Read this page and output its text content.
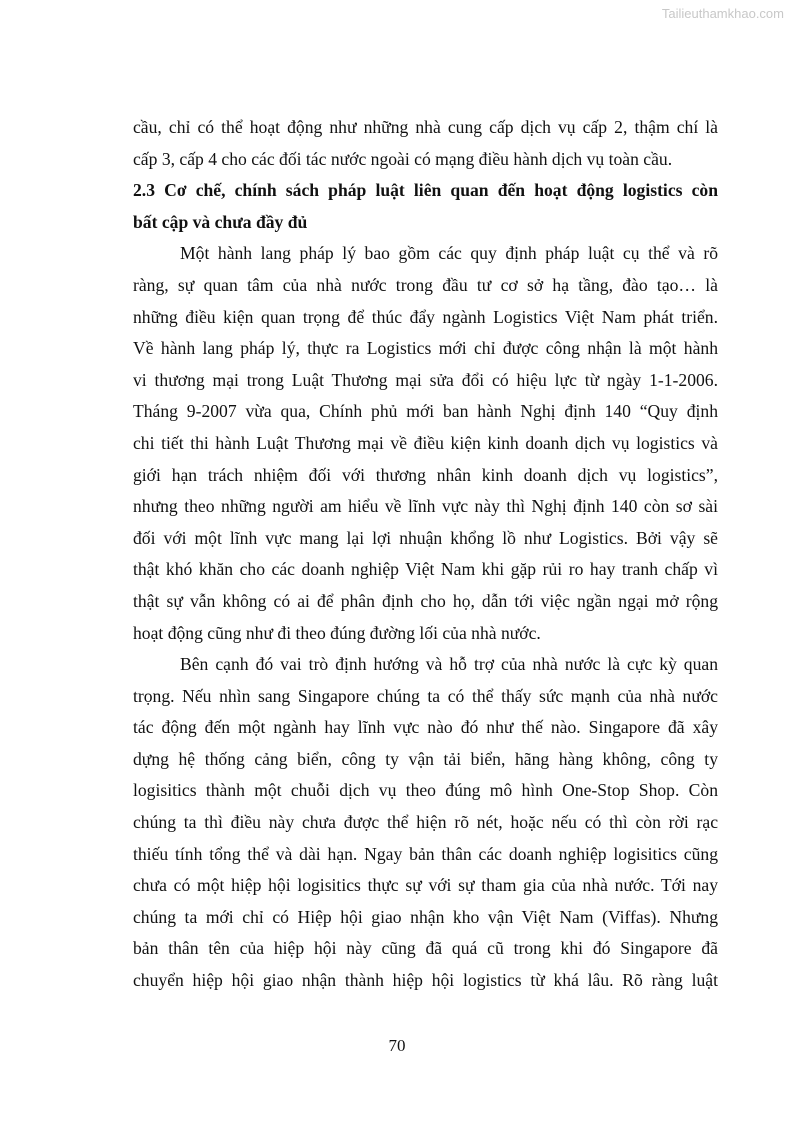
Tailieuthamkhao.com
cầu, chỉ có thể hoạt động như những nhà cung cấp dịch vụ cấp 2, thậm chí là
cấp 3, cấp 4 cho các đối tác nước ngoài có mạng điều hành dịch vụ toàn cầu.
2.3 Cơ chế, chính sách pháp luật liên quan đến hoạt động logistics còn
bất cập và chưa đầy đủ
Một hành lang pháp lý bao gồm các quy định pháp luật cụ thể và rõ
ràng, sự quan tâm của nhà nước trong đầu tư cơ sở hạ tầng, đào tạo… là
những điều kiện quan trọng để thúc đẩy ngành Logistics Việt Nam phát triển.
Về hành lang pháp lý, thực ra Logistics mới chỉ được công nhận là một hành
vi thương mại trong Luật Thương mại sửa đổi có hiệu lực từ ngày 1-1-2006.
Tháng 9-2007 vừa qua, Chính phủ mới ban hành Nghị định 140 “Quy định
chi tiết thi hành Luật Thương mại về điều kiện kinh doanh dịch vụ logistics và
giới hạn trách nhiệm đối với thương nhân kinh doanh dịch vụ logistics”,
nhưng theo những người am hiểu về lĩnh vực này thì Nghị định 140 còn sơ sài
đối với một lĩnh vực mang lại lợi nhuận khổng lồ như Logistics. Bởi vậy sẽ
thật khó khăn cho các doanh nghiệp Việt Nam khi gặp rủi ro hay tranh chấp vì
thật sự vẫn không có ai để phân định cho họ, dẫn tới việc ngần ngại mở rộng
hoạt động cũng như đi theo đúng đường lối của nhà nước.
Bên cạnh đó vai trò định hướng và hỗ trợ của nhà nước là cực kỳ quan
trọng. Nếu nhìn sang Singapore chúng ta có thể thấy sức mạnh của nhà nước
tác động đến một ngành hay lĩnh vực nào đó như thế nào. Singapore đã xây
dựng hệ thống cảng biển, công ty vận tải biển, hãng hàng không, công ty
logisitics thành một chuỗi dịch vụ theo đúng mô hình One-Stop Shop. Còn
chúng ta thì điều này chưa được thể hiện rõ nét, hoặc nếu có thì còn rời rạc
thiếu tính tổng thể và dài hạn. Ngay bản thân các doanh nghiệp logisitics cũng
chưa có một hiệp hội logisitics thực sự với sự tham gia của nhà nước. Tới nay
chúng ta mới chỉ có Hiệp hội giao nhận kho vận Việt Nam (Viffas). Nhưng
bản thân tên của hiệp hội này cũng đã quá cũ trong khi đó Singapore đã
chuyển hiệp hội giao nhận thành hiệp hội logistics từ khá lâu. Rõ ràng luật
70
